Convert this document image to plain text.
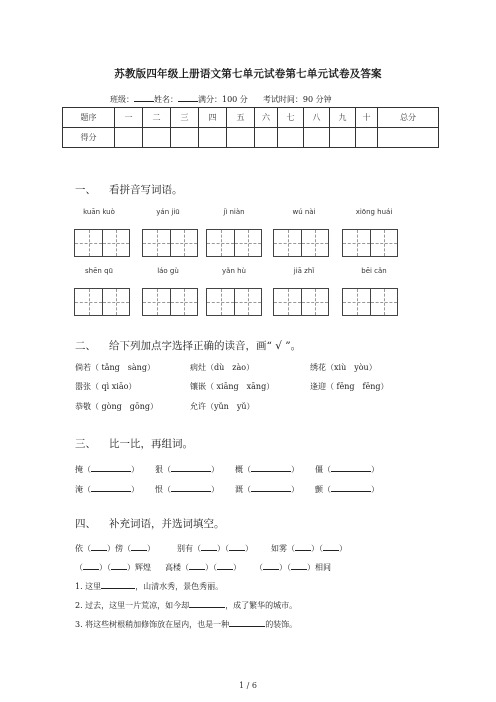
苏教版四年级上册语文第七单元试卷第七单元试卷及答案
班级：	姓名：	满分：100 分 考试时间：90 分钟
题序	一	二	三	四	五	六	七	八	九	十	总分
得分											
一、 看拼音写词语。
kuān kuò	yán jiū	jì niàn	wú nài	xiōng huái
shēn qū	láo gù	yǎn hù	jiā zhǐ	bēi cǎn
二、 给下列加点字选择正确的读音，画“ √ ”。
倘若（ tǎng　sàng）	病灶（dù　zào）	绣花（xiù　yòu）
嚣张（ qì xiāo）	镶嵌（ xiāng　xāng）	逢迎（ fēng　fēng）
恭敬（ gòng　gōng）	允许（yǔn　yǔ）
三、 比一比，再组词。
掩（	） 狠（	） 概（	） 僵（	）
淹（	） 恨（	） 溉（	） 颤（	）
四、 补充词语，并选词填空。
依（ ）傍（ ）	别有（ ）（ ） 如雾（ ）（ ）
（ ）（ ）辉煌 高楼（ ）（ ） （ ）（ ）相间
1. 这里	，山清水秀，景色秀丽。
2. 过去，这里一片荒凉，如今却	，成了繁华的城市。
3. 将这些树根稍加修饰放在屋内，也是一种	的装饰。
1 / 6
